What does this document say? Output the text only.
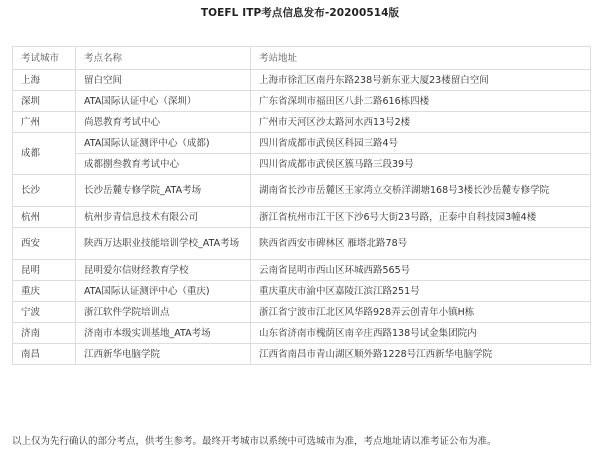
TOEFL ITP考点信息发布-20200514版
考试城市	考点名称	考站地址
上海	留白空间	上海市徐汇区南丹东路238号新东亚大厦23楼留白空间
深圳	ATA国际认证中心（深圳）	广东省深圳市福田区八卦二路616栋四楼
广州	尚恩教育考试中心	广州市天河区沙太路河水西13号2楼
成都	ATA国际认证测评中心（成都)	四川省成都市武侯区科园三路4号
	成都捌叁教育考试中心	四川省成都市武侯区簇马路三段39号
长沙	长沙岳麓专修学院_ATA考场	湖南省长沙市岳麓区王家湾立交桥洋湖塘168号3楼长沙岳麓专修学院
杭州	杭州步青信息技术有限公司	浙江省杭州市江干区下沙6号大街23号路，正泰中自科技园3幢4楼
西安	陕西万达职业技能培训学校_ATA考场	陕西省西安市碑林区 雁塔北路78号
昆明	昆明爱尔信财经教育学校	云南省昆明市西山区环城西路565号
重庆	ATA国际认证测评中心（重庆)	重庆重庆市渝中区嘉陵江滨江路251号
宁波	浙江软件学院培训点	浙江省宁波市江北区风华路928弄云创青年小镇H栋
济南	济南市本级实训基地_ATA考场	山东省济南市槐荫区南辛庄西路138号试金集团院内
南昌	江西新华电脑学院	江西省南昌市青山湖区顺外路1228号江西新华电脑学院
以上仅为先行确认的部分考点，供考生参考。最终开考城市以系统中可选城市为准，考点地址请以准考证公布为准。
